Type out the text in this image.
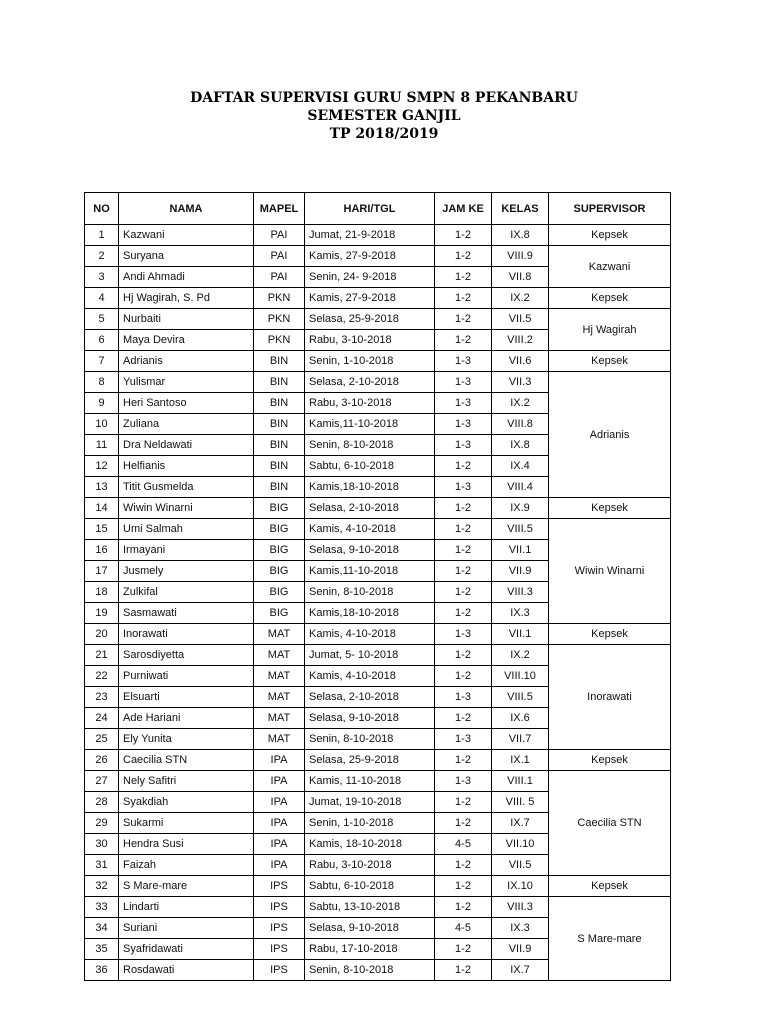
DAFTAR SUPERVISI GURU SMPN 8 PEKANBARU
SEMESTER GANJIL
TP 2018/2019
NO	NAMA	MAPEL	HARI/TGL	JAM KE	KELAS	SUPERVISOR
1	Kazwani	PAI	Jumat, 21-9-2018	1-2	IX.8	Kepsek
2	Suryana	PAI	Kamis, 27-9-2018	1-2	VIII.9	Kazwani
3	Andi Ahmadi	PAI	Senin, 24- 9-2018	1-2	VII.8	
4	Hj Wagirah, S. Pd	PKN	Kamis, 27-9-2018	1-2	IX.2	Kepsek
5	Nurbaiti	PKN	Selasa, 25-9-2018	1-2	VII.5	Hj Wagirah
6	Maya Devira	PKN	Rabu, 3-10-2018	1-2	VIII.2	
7	Adrianis	BIN	Senin, 1-10-2018	1-3	VII.6	Kepsek
8	Yulismar	BIN	Selasa, 2-10-2018	1-3	VII.3	Adrianis
9	Heri Santoso	BIN	Rabu, 3-10-2018	1-3	IX.2	
10	Zuliana	BIN	Kamis,11-10-2018	1-3	VIII.8	
11	Dra Neldawati	BIN	Senin, 8-10-2018	1-3	IX.8	
12	Helfianis	BIN	Sabtu, 6-10-2018	1-2	IX.4	
13	Titit Gusmelda	BIN	Kamis,18-10-2018	1-3	VIII.4	
14	Wiwin Winarni	BIG	Selasa, 2-10-2018	1-2	IX.9	Kepsek
15	Umi Salmah	BIG	Kamis, 4-10-2018	1-2	VIII.5	Wiwin Winarni
16	Irmayani	BIG	Selasa, 9-10-2018	1-2	VII.1	
17	Jusmely	BIG	Kamis,11-10-2018	1-2	VII.9	
18	Zulkifal	BIG	Senin, 8-10-2018	1-2	VIII.3	
19	Sasmawati	BIG	Kamis,18-10-2018	1-2	IX.3	
20	Inorawati	MAT	Kamis, 4-10-2018	1-3	VII.1	Kepsek
21	Sarosdiyetta	MAT	Jumat, 5- 10-2018	1-2	IX.2	Inorawati
22	Purniwati	MAT	Kamis, 4-10-2018	1-2	VIII.10	
23	Elsuarti	MAT	Selasa, 2-10-2018	1-3	VIII.5	
24	Ade Hariani	MAT	Selasa, 9-10-2018	1-2	IX.6	
25	Ely Yunita	MAT	Senin, 8-10-2018	1-3	VII.7	
26	Caecilia STN	IPA	Selasa, 25-9-2018	1-2	IX.1	Kepsek
27	Nely Safitri	IPA	Kamis, 11-10-2018	1-3	VIII.1	Caecilia STN
28	Syakdiah	IPA	Jumat, 19-10-2018	1-2	VIII. 5	
29	Sukarmi	IPA	Senin, 1-10-2018	1-2	IX.7	
30	Hendra Susi	IPA	Kamis, 18-10-2018	4-5	VII.10	
31	Faizah	IPA	Rabu, 3-10-2018	1-2	VII.5	
32	S Mare-mare	IPS	Sabtu, 6-10-2018	1-2	IX.10	Kepsek
33	Lindarti	IPS	Sabtu, 13-10-2018	1-2	VIII.3	S Mare-mare
34	Suriani	IPS	Selasa, 9-10-2018	4-5	IX.3	
35	Syafridawati	IPS	Rabu, 17-10-2018	1-2	VII.9	
36	Rosdawati	IPS	Senin, 8-10-2018	1-2	IX.7	
